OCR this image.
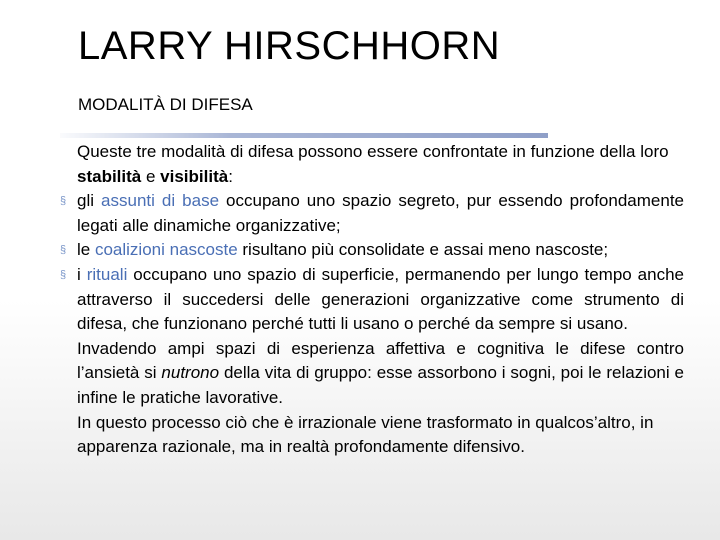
LARRY HIRSCHHORN
MODALITÀ DI DIFESA
Queste tre modalità di difesa possono essere confrontate in funzione della loro stabilità e visibilità:
§ gli assunti di base occupano uno spazio segreto, pur essendo profondamente legati alle dinamiche organizzative;
§ le coalizioni nascoste risultano più consolidate e assai meno nascoste;
§ i rituali occupano uno spazio di superficie, permanendo per lungo tempo anche attraverso il succedersi delle generazioni organizzative come strumento di difesa, che funzionano perché tutti li usano o perché da sempre si usano.
Invadendo ampi spazi di esperienza affettiva e cognitiva le difese contro l’ansietà si nutrono della vita di gruppo: esse assorbono i sogni, poi le relazioni e infine le pratiche lavorative.
In questo processo ciò che è irrazionale viene trasformato in qualcos’altro, in apparenza razionale, ma in realtà profondamente difensivo.
